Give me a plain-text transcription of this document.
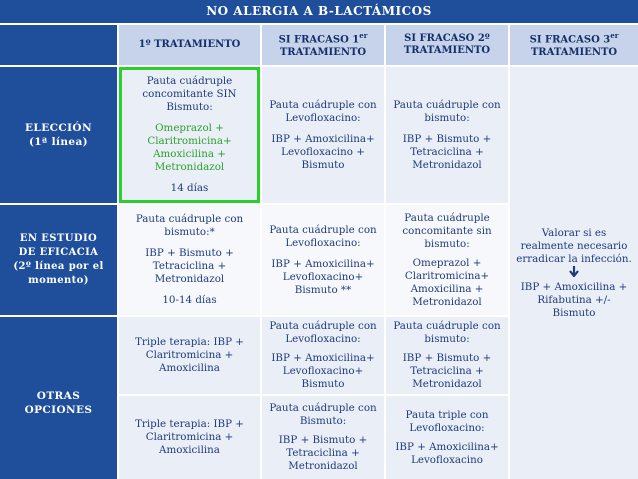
NO ALERGIA A B-LACTÁMICOS
1º TRATAMIENTO	SI FRACASO 1er

TRATAMIENTO

SI FRACASO 2º

TRATAMIENTO

SI FRACASO 3er

TRATAMIENTO

ELECCIÓN

(1ª línea)

EN ESTUDIO

DE EFICACIA

(2º línea por el

momento)

OTRAS

OPCIONES

Pauta cuádruple

concomitante SIN

Bismuto:

Omeprazol +

Claritromicina+

Amoxicilina +

Metronidazol

14 días

Pauta cuádruple con

Levofloxacino:

IBP + Amoxicilina+

Levofloxacino +

Bismuto

Pauta cuádruple con

bismuto:

IBP + Bismuto +

Tetraciclina +

Metronidazol

Valorar si es

realmente necesario

erradicar la infección.

IBP + Amoxicilina +

Rifabutina +/-

Bismuto

Pauta cuádruple con

bismuto:*

IBP + Bismuto +

Tetraciclina +

Metronidazol

10-14 días

Pauta cuádruple con

Levofloxacino:

IBP + Amoxicilina+

Levofloxacino+

Bismuto **

Pauta cuádruple

concomitante sin

bismuto:

Omeprazol +

Claritromicina+

Amoxicilina +

Metronidazol

Triple terapia: IBP +

Claritromicina +

Amoxicilina

Pauta cuádruple con

Levofloxacino:

IBP + Amoxicilina+

Levofloxacino+

Bismuto

Pauta cuádruple con

bismuto:

IBP + Bismuto +

Tetraciclina +

Metronidazol

Triple terapia: IBP +

Claritromicina +

Amoxicilina

Pauta cuádruple con

Bismuto:

IBP + Bismuto +

Tetraciclina +

Metronidazol

Pauta triple con

Levofloxacino:

IBP + Amoxicilina+

Levofloxacino
